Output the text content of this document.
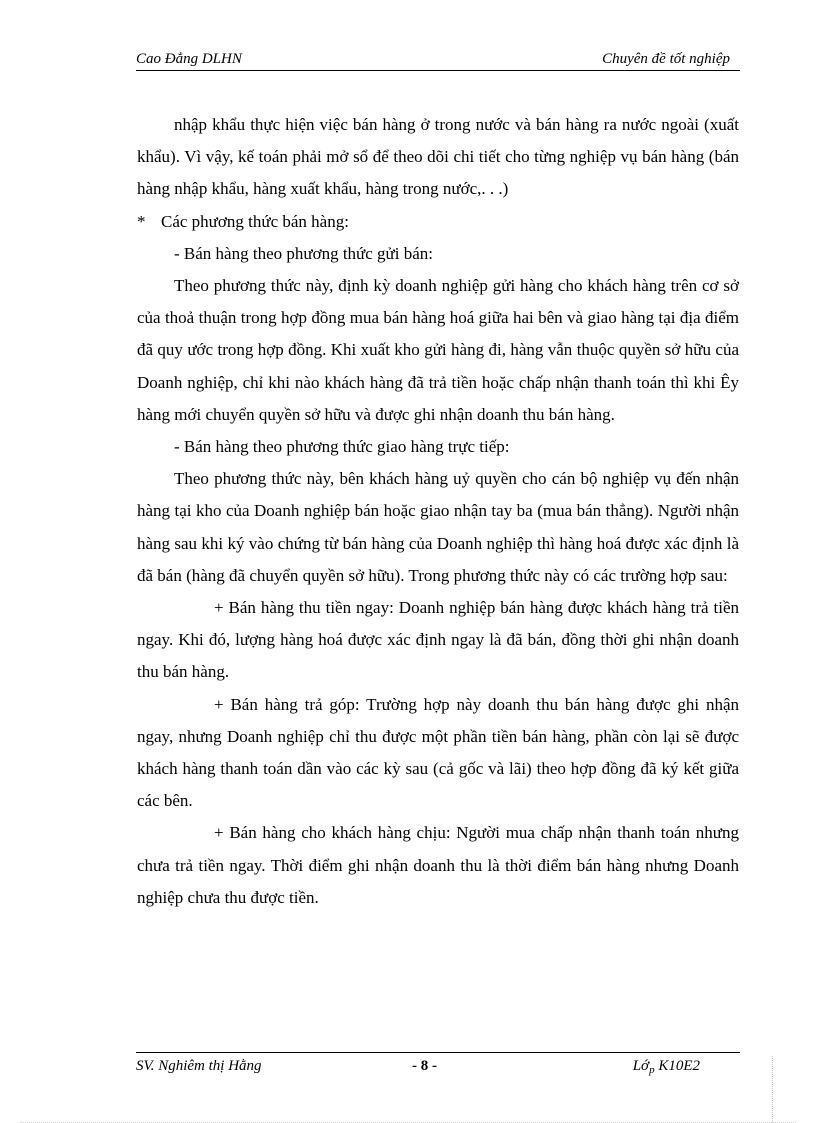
Cao Đẳng DLHN	Chuyên đề tốt nghiệp

nhập khẩu thực hiện việc bán hàng ở trong nước và bán hàng ra nước ngoài (xuất khẩu). Vì vậy, kế toán phải mở sổ để theo dõi chi tiết cho từng nghiệp vụ bán hàng (bán hàng nhập khẩu, hàng xuất khẩu, hàng trong nước,. . .)

* Các phương thức bán hàng:

- Bán hàng theo phương thức gửi bán:

Theo phương thức này, định kỳ doanh nghiệp gửi hàng cho khách hàng trên cơ sở của thoả thuận trong hợp đồng mua bán hàng hoá giữa hai bên và giao hàng tại địa điểm đã quy ước trong hợp đồng. Khi xuất kho gửi hàng đi, hàng vẫn thuộc quyền sở hữu của Doanh nghiệp, chỉ khi nào khách hàng đã trả tiền hoặc chấp nhận thanh toán thì khi Êy hàng mới chuyển quyền sở hữu và được ghi nhận doanh thu bán hàng.

- Bán hàng theo phương thức giao hàng trực tiếp:

Theo phương thức này, bên khách hàng uỷ quyền cho cán bộ nghiệp vụ đến nhận hàng tại kho của Doanh nghiệp bán hoặc giao nhận tay ba (mua bán thẳng). Người nhận hàng sau khi ký vào chứng từ bán hàng của Doanh nghiệp thì hàng hoá được xác định là đã bán (hàng đã chuyển quyền sở hữu). Trong phương thức này có các trường hợp sau:

+ Bán hàng thu tiền ngay: Doanh nghiệp bán hàng được khách hàng trả tiền ngay. Khi đó, lượng hàng hoá được xác định ngay là đã bán, đồng thời ghi nhận doanh thu bán hàng.

+ Bán hàng trả góp: Trường hợp này doanh thu bán hàng được ghi nhận ngay, nhưng Doanh nghiệp chỉ thu được một phần tiền bán hàng, phần còn lại sẽ được khách hàng thanh toán dần vào các kỳ sau (cả gốc và lãi) theo hợp đồng đã ký kết giữa các bên.

+ Bán hàng cho khách hàng chịu: Người mua chấp nhận thanh toán nhưng chưa trả tiền ngay. Thời điểm ghi nhận doanh thu là thời điểm bán hàng nhưng Doanh nghiệp chưa thu được tiền.

SV. Nghiêm thị Hằng	- 8 -	Lớ$_p$ K10E2
